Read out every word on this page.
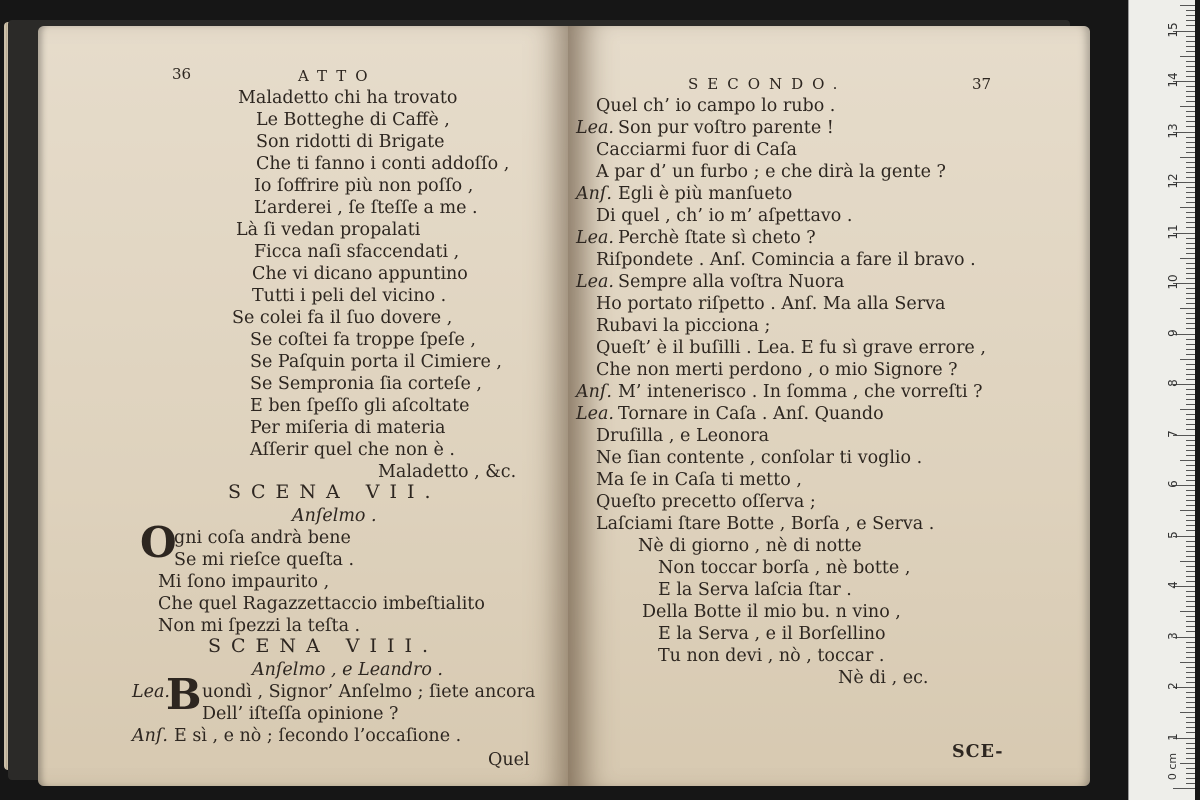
36	ATTO
Maladetto chi ha trovato
Le Botteghe di Caffè ,
Son ridotti di Brigate
Che ti fanno i conti addoſſo ,
Io ſoffrire più non poſſo ,
L’arderei , ſe ſteſſe a me .
Là ſi vedan propalati
Ficca naſi sfaccendati ,
Che vi dicano appuntino
Tutti i peli del vicino .
Se colei fa il ſuo dovere ,
Se coſtei fa troppe ſpeſe ,
Se Paſquin porta il Cimiere ,
Se Sempronia ſia corteſe ,
E ben ſpeſſo gli aſcoltate
Per miſeria di materia
Aſſerir quel che non è .
Maladetto , &c.
SCENA VII.
Anſelmo .
O
gni coſa andrà bene
Se mi rieſce queſta .
Mi ſono impaurito ,
Che quel Ragazzettaccio imbeſtialito
Non mi ſpezzi la teſta .
SCENA VIII.
Anſelmo , e Leandro .
Lea.
B uondì , Signor’ Anſelmo ; ſiete ancora
Dell’ iſteſſa opinione ?
Anſ. E sì , e nò ; ſecondo l’occaſione .
Quel
SECONDO.	37
Quel ch’ io campo lo rubo .
Lea. Son pur voſtro parente !
Cacciarmi fuor di Caſa
A par d’ un furbo ; e che dirà la gente ?
Anſ. Egli è più manſueto
Di quel , ch’ io m’ aſpettavo .
Lea. Perchè ſtate sì cheto ?
Riſpondete . Anſ. Comincia a fare il bravo .
Lea. Sempre alla voſtra Nuora
Ho portato riſpetto . Anſ. Ma alla Serva
Rubavi la picciona ;
Queſt’ è il buſilli . Lea. E fu sì grave errore ,
Che non merti perdono , o mio Signore ?
Anſ. M’ intenerisco . In ſomma , che vorreſti ?
Lea. Tornare in Caſa . Anſ. Quando
Druſilla , e Leonora
Ne ſian contente , conſolar ti voglio .
Ma ſe in Caſa ti metto ,
Queſto precetto oſſerva ;
Laſciami ſtare Botte , Borſa , e Serva .
Nè di giorno , nè di notte
Non toccar borſa , nè botte ,
E la Serva laſcia ſtar .
Della Botte il mio bu. n vino ,
E la Serva , e il Borſellino
Tu non devi , nò , toccar .
Nè di , ec.
SCE-
1
2
3
4
5
6
7
8
9
10
11
12
13
14
15
0 cm
